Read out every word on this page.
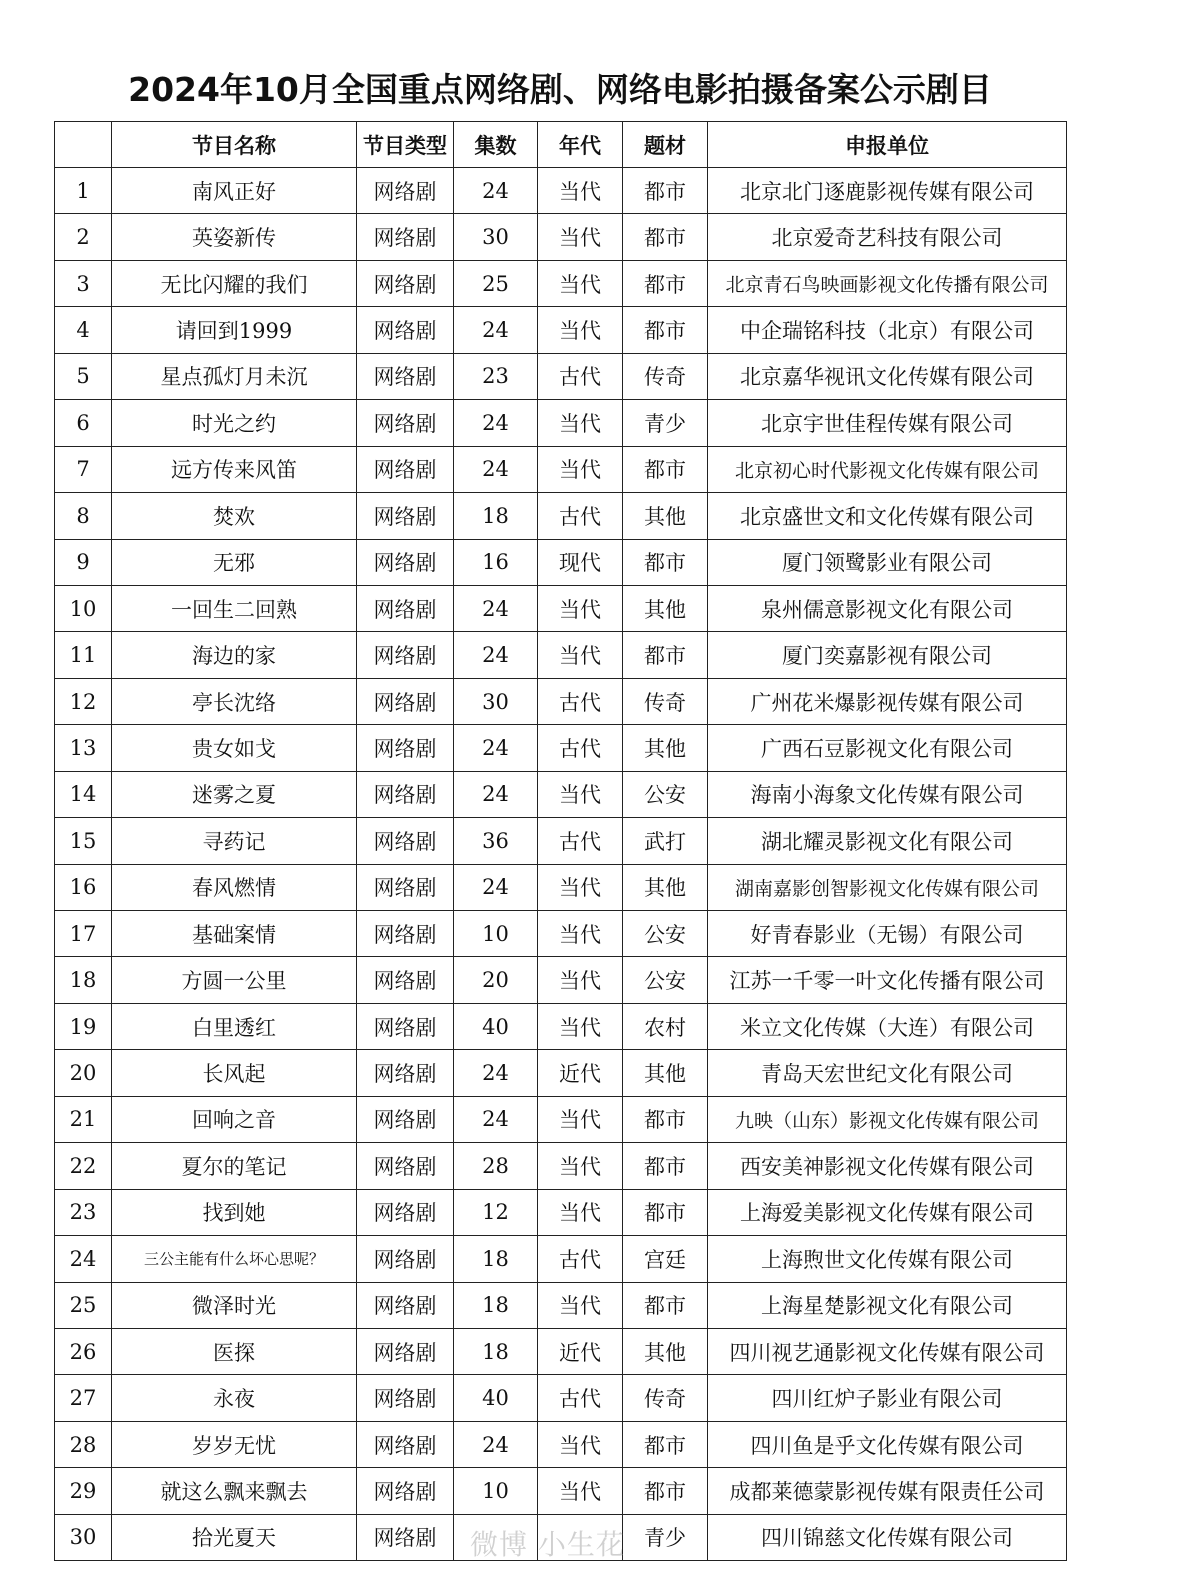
2024年10月全国重点网络剧、网络电影拍摄备案公示剧目
	节目名称	节目类型	集数	年代	题材	申报单位
1	南风正好	网络剧	24	当代	都市	北京北门逐鹿影视传媒有限公司
2	英姿新传	网络剧	30	当代	都市	北京爱奇艺科技有限公司
3	无比闪耀的我们	网络剧	25	当代	都市	北京青石鸟映画影视文化传播有限公司
4	请回到1999	网络剧	24	当代	都市	中企瑞铭科技（北京）有限公司
5	星点孤灯月未沉	网络剧	23	古代	传奇	北京嘉华视讯文化传媒有限公司
6	时光之约	网络剧	24	当代	青少	北京宇世佳程传媒有限公司
7	远方传来风笛	网络剧	24	当代	都市	北京初心时代影视文化传媒有限公司
8	焚欢	网络剧	18	古代	其他	北京盛世文和文化传媒有限公司
9	无邪	网络剧	16	现代	都市	厦门领鹭影业有限公司
10	一回生二回熟	网络剧	24	当代	其他	泉州儒意影视文化有限公司
11	海边的家	网络剧	24	当代	都市	厦门奕嘉影视有限公司
12	亭长沈络	网络剧	30	古代	传奇	广州花米爆影视传媒有限公司
13	贵女如戈	网络剧	24	古代	其他	广西石豆影视文化有限公司
14	迷雾之夏	网络剧	24	当代	公安	海南小海象文化传媒有限公司
15	寻药记	网络剧	36	古代	武打	湖北耀灵影视文化有限公司
16	春风燃情	网络剧	24	当代	其他	湖南嘉影创智影视文化传媒有限公司
17	基础案情	网络剧	10	当代	公安	好青春影业（无锡）有限公司
18	方圆一公里	网络剧	20	当代	公安	江苏一千零一叶文化传播有限公司
19	白里透红	网络剧	40	当代	农村	米立文化传媒（大连）有限公司
20	长风起	网络剧	24	近代	其他	青岛天宏世纪文化有限公司
21	回响之音	网络剧	24	当代	都市	九映（山东）影视文化传媒有限公司
22	夏尔的笔记	网络剧	28	当代	都市	西安美神影视文化传媒有限公司
23	找到她	网络剧	12	当代	都市	上海爱美影视文化传媒有限公司
24	三公主能有什么坏心思呢？	网络剧	18	古代	宫廷	上海煦世文化传媒有限公司
25	微泽时光	网络剧	18	当代	都市	上海星楚影视文化有限公司
26	医探	网络剧	18	近代	其他	四川视艺通影视文化传媒有限公司
27	永夜	网络剧	40	古代	传奇	四川红炉子影业有限公司
28	岁岁无忧	网络剧	24	当代	都市	四川鱼是乎文化传媒有限公司
29	就这么飘来飘去	网络剧	10	当代	都市	成都莱德蒙影视传媒有限责任公司
30	拾光夏天	网络剧			青少	四川锦慈文化传媒有限公司
微博 小生花
